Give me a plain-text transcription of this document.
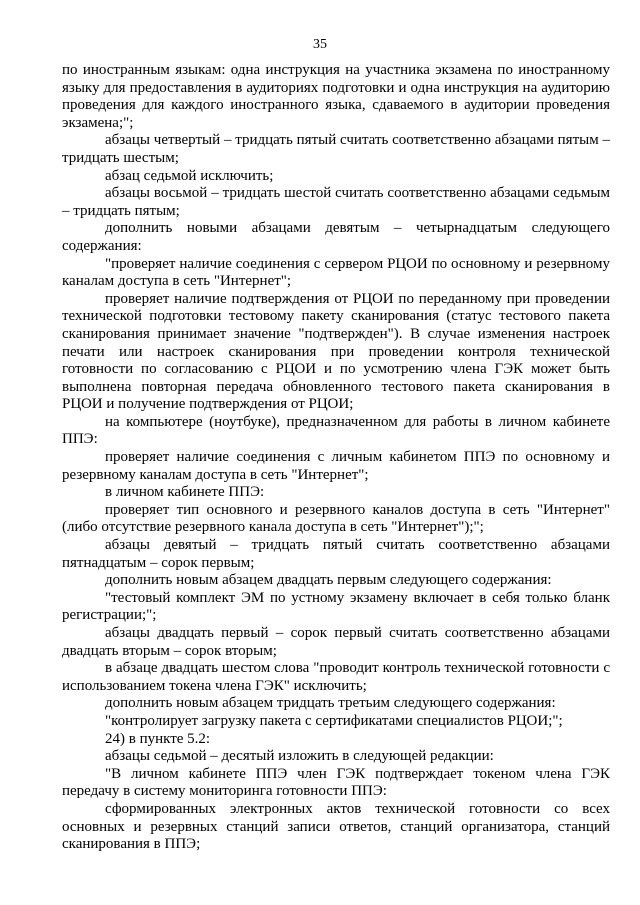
35

по иностранным языкам: одна инструкция на участника экзамена по иностранному языку для предоставления в аудиториях подготовки и одна инструкция на аудиторию проведения для каждого иностранного языка, сдаваемого в аудитории проведения экзамена;";

абзацы четвертый – тридцать пятый считать соответственно абзацами пятым – тридцать шестым;

абзац седьмой исключить;

абзацы восьмой – тридцать шестой считать соответственно абзацами седьмым – тридцать пятым;

дополнить новыми абзацами девятым – четырнадцатым следующего содержания:

"проверяет наличие соединения с сервером РЦОИ по основному и резервному каналам доступа в сеть "Интернет";

проверяет наличие подтверждения от РЦОИ по переданному при проведении технической подготовки тестовому пакету сканирования (статус тестового пакета сканирования принимает значение "подтвержден"). В случае изменения настроек печати или настроек сканирования при проведении контроля технической готовности по согласованию с РЦОИ и по усмотрению члена ГЭК может быть выполнена повторная передача обновленного тестового пакета сканирования в РЦОИ и получение подтверждения от РЦОИ;

на компьютере (ноутбуке), предназначенном для работы в личном кабинете ППЭ:

проверяет наличие соединения с личным кабинетом ППЭ по основному и резервному каналам доступа в сеть "Интернет";

в личном кабинете ППЭ:

проверяет тип основного и резервного каналов доступа в сеть "Интернет" (либо отсутствие резервного канала доступа в сеть "Интернет");";

абзацы девятый – тридцать пятый считать соответственно абзацами пятнадцатым – сорок первым;

дополнить новым абзацем двадцать первым следующего содержания:

"тестовый комплект ЭМ по устному экзамену включает в себя только бланк регистрации;";

абзацы двадцать первый – сорок первый считать соответственно абзацами двадцать вторым – сорок вторым;

в абзаце двадцать шестом слова "проводит контроль технической готовности с использованием токена члена ГЭК" исключить;

дополнить новым абзацем тридцать третьим следующего содержания:

"контролирует загрузку пакета с сертификатами специалистов РЦОИ;";

24) в пункте 5.2:

абзацы седьмой – десятый изложить в следующей редакции:

"В личном кабинете ППЭ член ГЭК подтверждает токеном члена ГЭК передачу в систему мониторинга готовности ППЭ:

сформированных электронных актов технической готовности со всех основных и резервных станций записи ответов, станций организатора, станций сканирования в ППЭ;
